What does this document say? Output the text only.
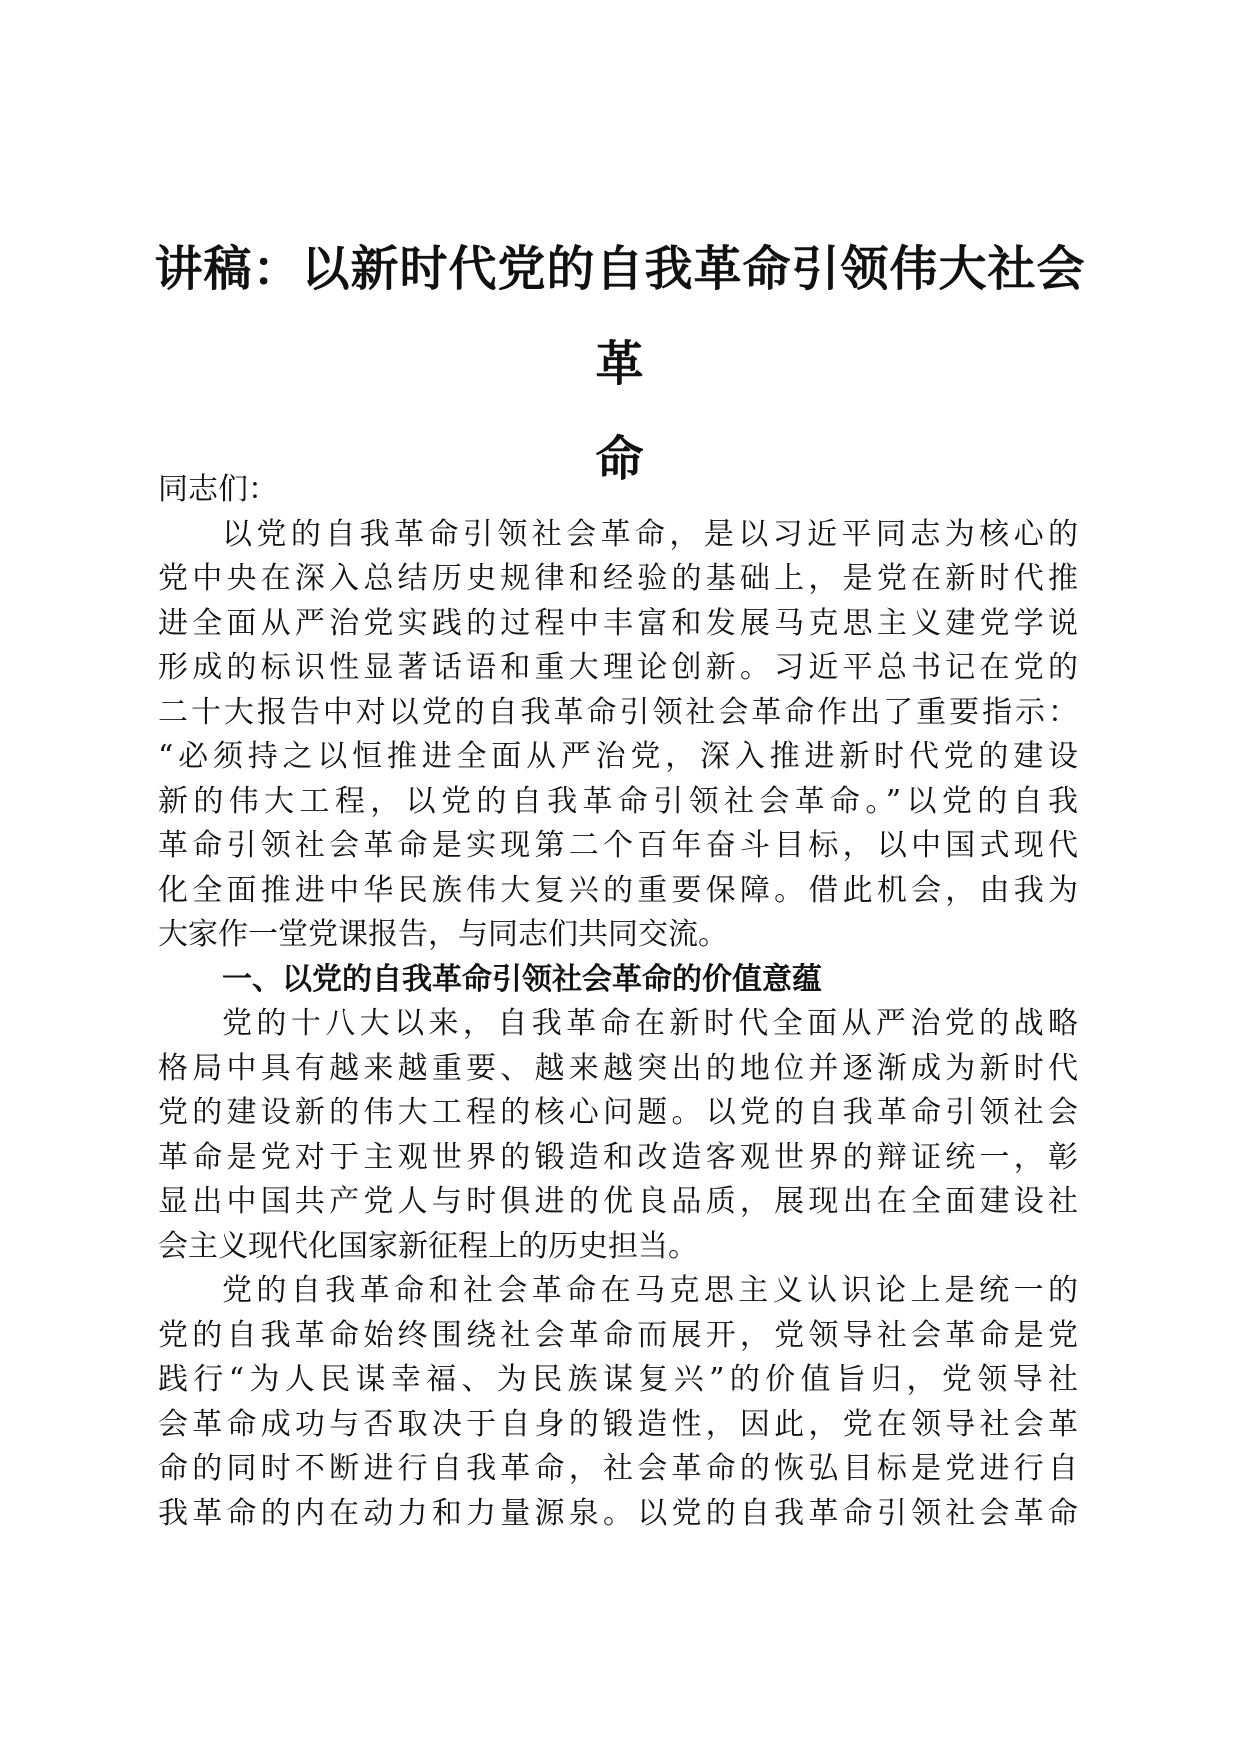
讲稿：以新时代党的自我革命引领伟大社会革
命

同志们：

以党的自我革命引领社会革命，是以习近平同志为核心的
党中央在深入总结历史规律和经验的基础上，是党在新时代推
进全面从严治党实践的过程中丰富和发展马克思主义建党学说
形成的标识性显著话语和重大理论创新。习近平总书记在党的
二十大报告中对以党的自我革命引领社会革命作出了重要指示：
“必须持之以恒推进全面从严治党，深入推进新时代党的建设
新的伟大工程，以党的自我革命引领社会革命。”以党的自我
革命引领社会革命是实现第二个百年奋斗目标，以中国式现代
化全面推进中华民族伟大复兴的重要保障。借此机会，由我为
大家作一堂党课报告，与同志们共同交流。

一、以党的自我革命引领社会革命的价值意蕴

党的十八大以来，自我革命在新时代全面从严治党的战略
格局中具有越来越重要、越来越突出的地位并逐渐成为新时代
党的建设新的伟大工程的核心问题。以党的自我革命引领社会
革命是党对于主观世界的锻造和改造客观世界的辩证统一，彰
显出中国共产党人与时俱进的优良品质，展现出在全面建设社
会主义现代化国家新征程上的历史担当。

党的自我革命和社会革命在马克思主义认识论上是统一的
党的自我革命始终围绕社会革命而展开，党领导社会革命是党
践行“为人民谋幸福、为民族谋复兴”的价值旨归，党领导社
会革命成功与否取决于自身的锻造性，因此，党在领导社会革
命的同时不断进行自我革命，社会革命的恢弘目标是党进行自
我革命的内在动力和力量源泉。以党的自我革命引领社会革命
